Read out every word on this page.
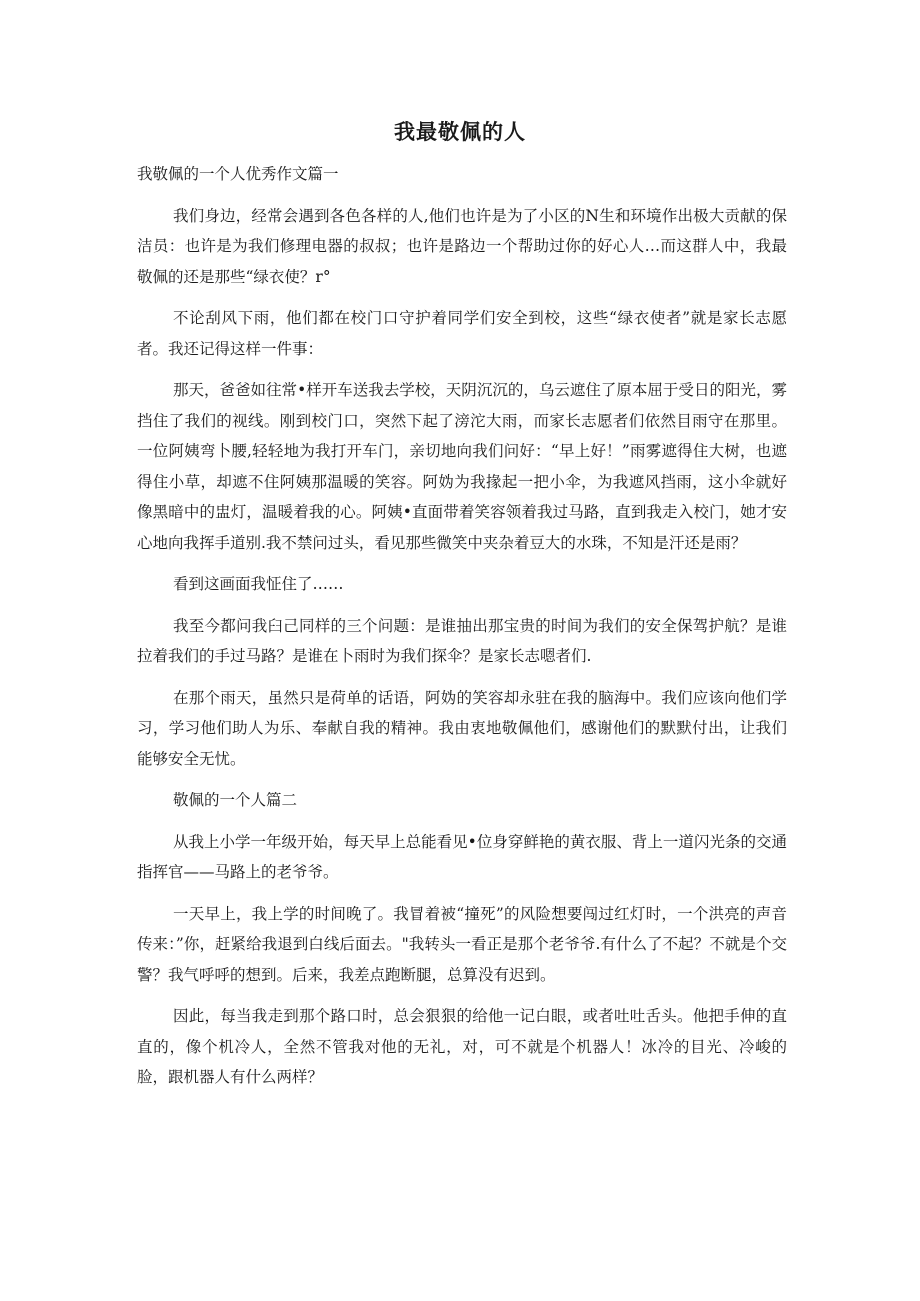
我最敬佩的人

我敬佩的一个人优秀作文篇一

我们身边，经常会遇到各色各样的人,他们也许是为了小区的N生和环境作出极大贡献的保洁员：也许是为我们修理电器的叔叔；也许是路边一个帮助过你的好心人…而这群人中，我最敬佩的还是那些“绿衣使？r°

不论刮风下雨，他们都在校门口守护着同学们安全到校，这些“绿衣使者”就是家长志愿者。我还记得这样一件事：

那天，爸爸如往常•样开车送我去学校，天阴沉沉的，乌云遮住了原本屈于受日的阳光，雾挡住了我们的视线。刚到校门口，突然下起了滂沱大雨，而家长志愿者们依然目雨守在那里。一位阿姨弯卜腰,轻轻地为我打开车门，亲切地向我们问好：“早上好！”雨雾遮得住大树，也遮得住小草，却遮不住阿姨那温暖的笑容。阿妫为我掾起一把小伞，为我遮风挡雨，这小伞就好像黑暗中的盅灯，温暖着我的心。阿姨•直面带着笑容领着我过马路，直到我走入校门，她才安心地向我挥手道别.我不禁问过头，看见那些微笑中夹杂着豆大的水珠，不知是汗还是雨？

看到这画面我怔住了……

我至今都问我臼己同样的三个问题：是谁抽出那宝贵的时间为我们的安全保驾护航？是谁拉着我们的手过马路？是谁在卜雨时为我们探伞？是家长志嗯者们.

在那个雨天，虽然只是荷单的话语，阿妫的笑容却永驻在我的脑海中。我们应该向他们学习，学习他们助人为乐、奉献自我的精神。我由衷地敬佩他们，感谢他们的默默付出，让我们能够安全无忧。

敬佩的一个人篇二

从我上小学一年级开始，每天早上总能看见•位身穿鲜艳的黄衣服、背上一道闪光条的交通指挥官——马路上的老爷爷。

一天早上，我上学的时间晚了。我冒着被“撞死”的风险想要闯过红灯时，一个洪亮的声音传来：”你，赶紧给我退到白线后面去。"我转头一看正是那个老爷爷.有什么了不起？不就是个交警？我气呼呼的想到。后来，我差点跑断腿，总算没有迟到。

因此，每当我走到那个路口时，总会狠狠的给他一记白眼，或者吐吐舌头。他把手伸的直直的，像个机冷人，全然不管我对他的无礼，对，可不就是个机器人！冰冷的目光、冷峻的脸，跟机器人有什么两样？
